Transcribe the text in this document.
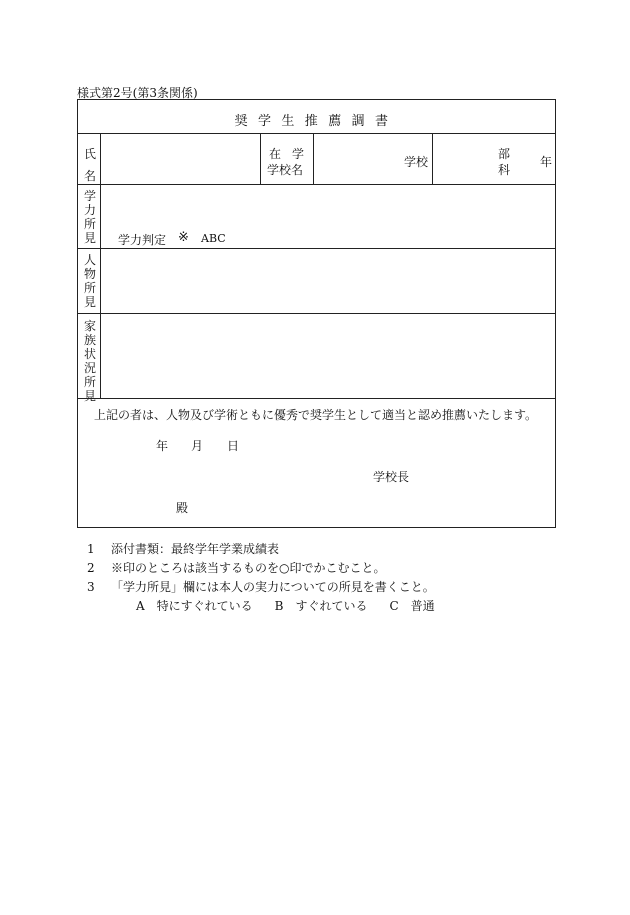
様式第2号(第3条関係)
奨学生推薦調書
氏名
在 学
学校名
学校
部
科
年
学力所見 学力判定 ※ ABC
人物所見
家族状況所見
上記の者は、人物及び学術ともに優秀で奨学生として適当と認め推薦いたします。
年 月 日
学校長
殿
1 添付書類：最終学年学業成績表
2 ※印のところは該当するものを○印でかこむこと。
3 「学力所見」欄には本人の実力についての所見を書くこと。
A　特にすぐれている B　すぐれている C　普通
